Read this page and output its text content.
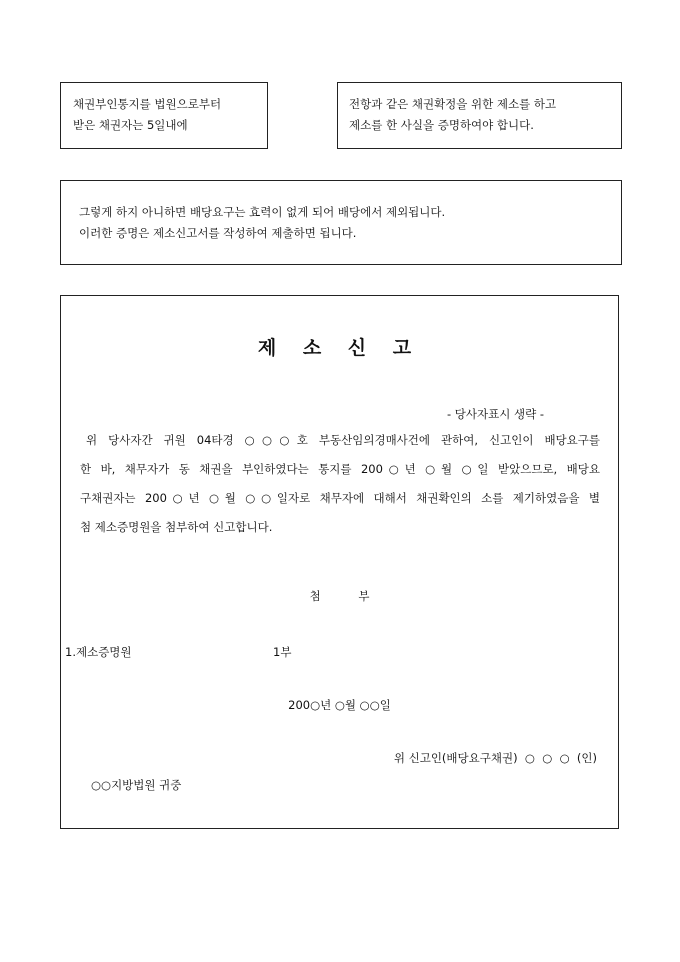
채권부인통지를 법원으로부터
받은 채권자는 5일내에
전항과 같은 채권확정을 위한 제소를 하고
제소를 한 사실을 증명하여야 합니다.
그렇게 하지 아니하면 배당요구는 효력이 없게 되어 배당에서 제외됩니다.
이러한 증명은 제소신고서를 작성하여 제출하면 됩니다.
제 소 신 고
- 당사자표시 생략 -
위 당사자간 귀원 04타경 ○○○호 부동산임의경매사건에 관하여, 신고인이 배당요구를
한 바, 채무자가 동 채권을 부인하였다는 통지를 200○년 ○월 ○일 받았으므로, 배당요
구채권자는 200○년 ○월 ○○일자로 채무자에 대해서 채권확인의 소를 제기하였음을 별
첨 제소증명원을 첨부하여 신고합니다.
첨 부
1.제소증명원	1부
200○년 ○월 ○○일
위 신고인(배당요구채권)  ○  ○  ○  (인)
○○지방법원 귀중
